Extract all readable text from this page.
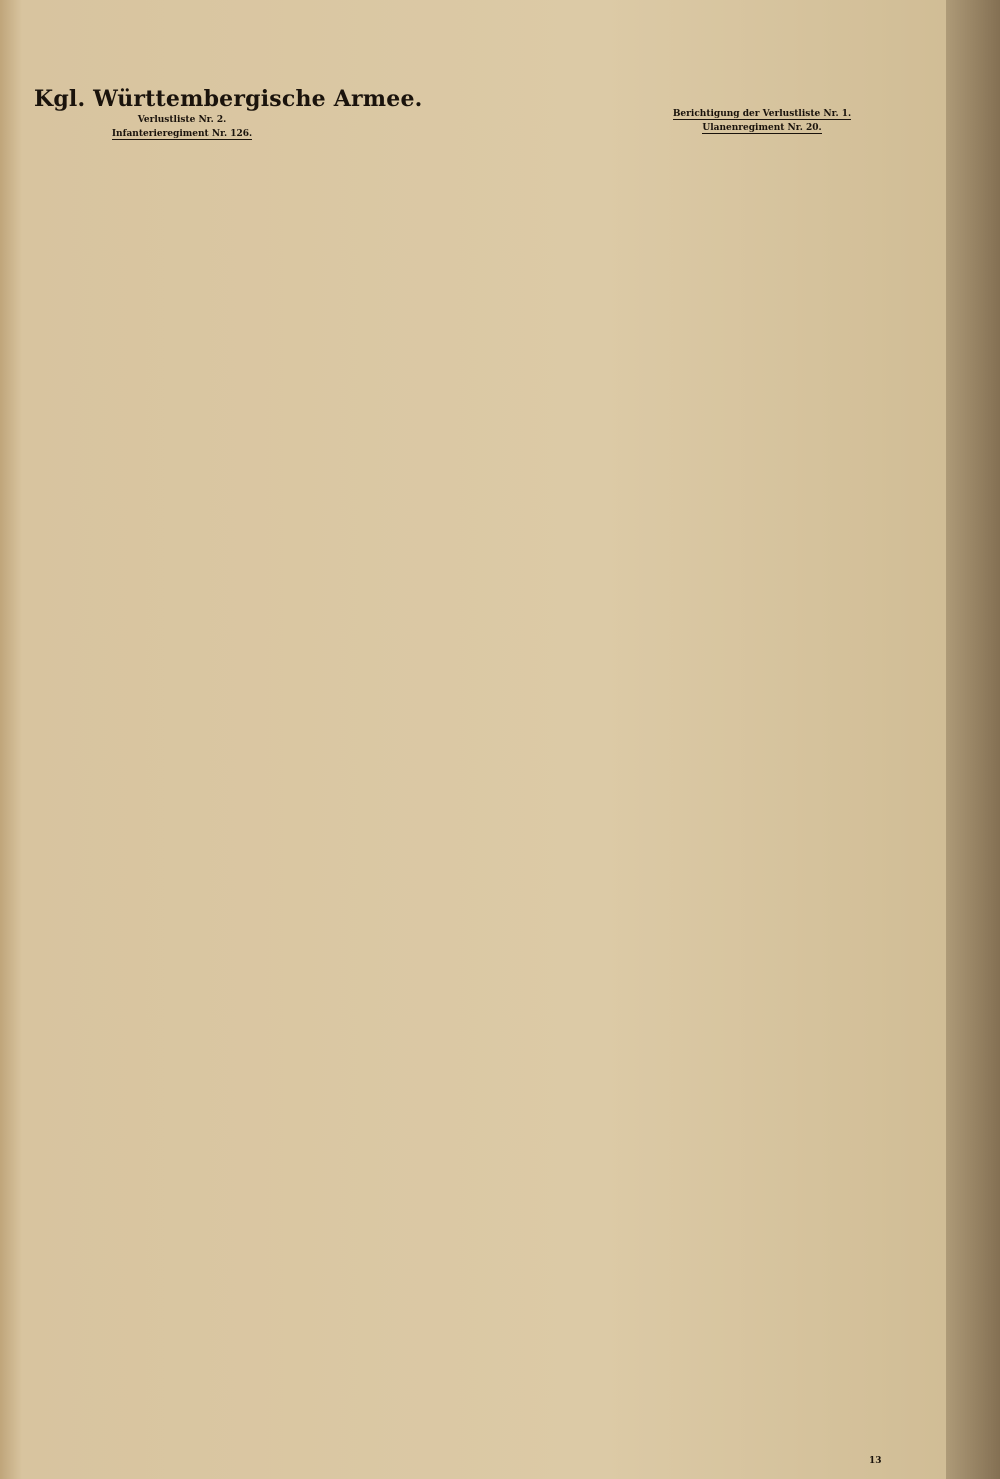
Kgl. Württembergische Armee.
Verlustliste Nr. 2.
Infanterieregiment Nr. 126.

Berichtigung der Verlustliste Nr. 1.
Ulanenregiment Nr. 20.

13
